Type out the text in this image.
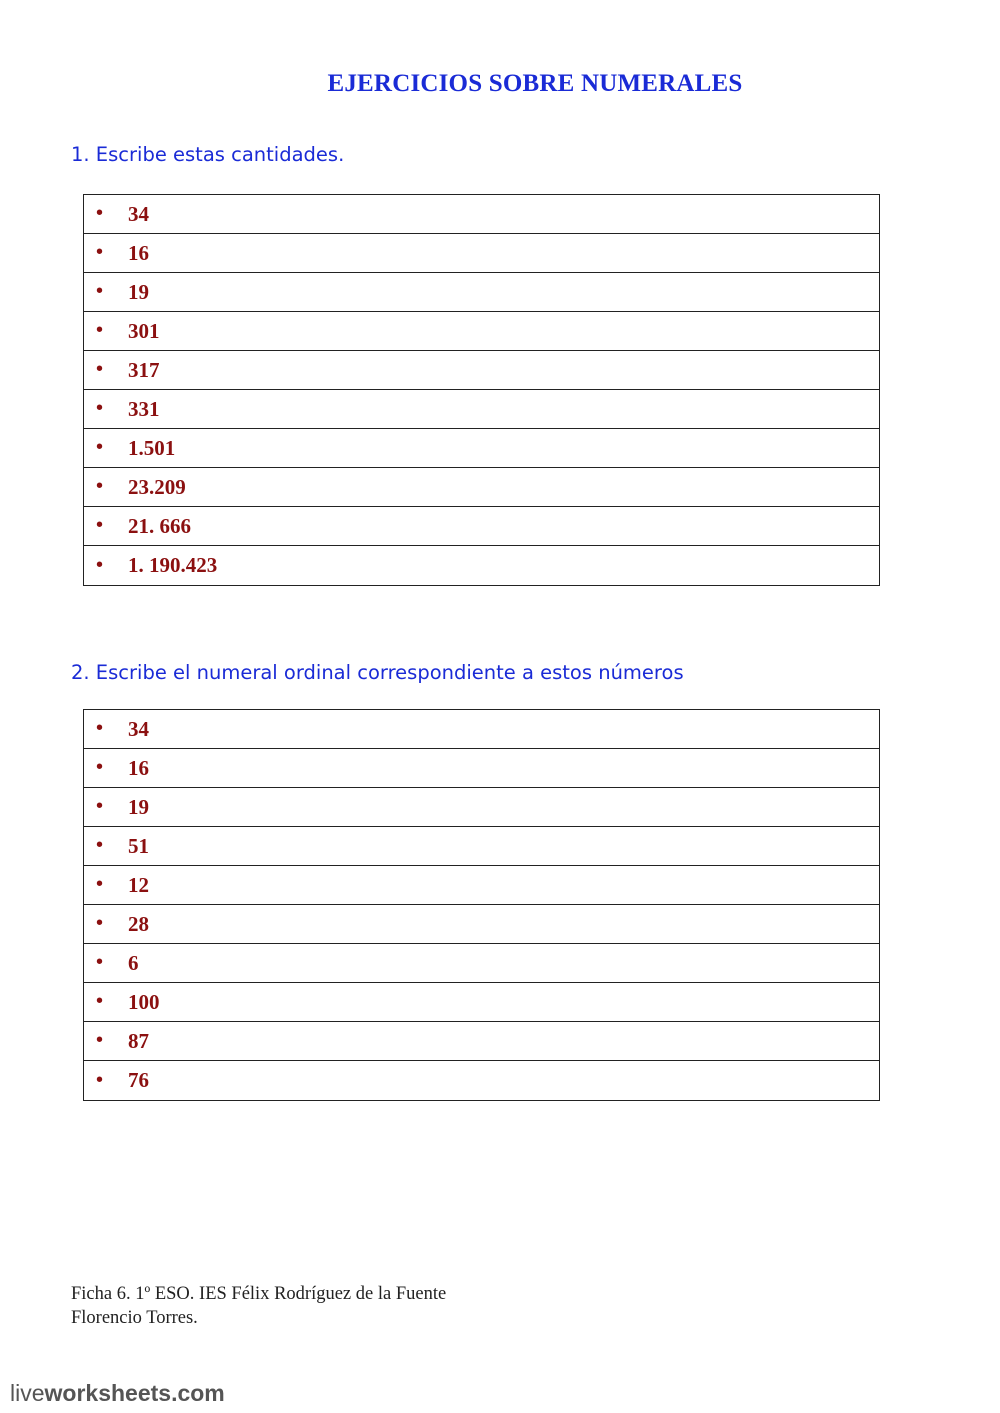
EJERCICIOS SOBRE NUMERALES
1. Escribe estas cantidades.
• 34
• 16
• 19
• 301
• 317
• 331
• 1.501
• 23.209
• 21. 666
• 1. 190.423
2. Escribe el numeral ordinal correspondiente a estos números
• 34
• 16
• 19
• 51
• 12
• 28
• 6
• 100
• 87
• 76
Ficha 6. 1º ESO. IES Félix Rodríguez de la Fuente
Florencio Torres.
liveworksheets.com
